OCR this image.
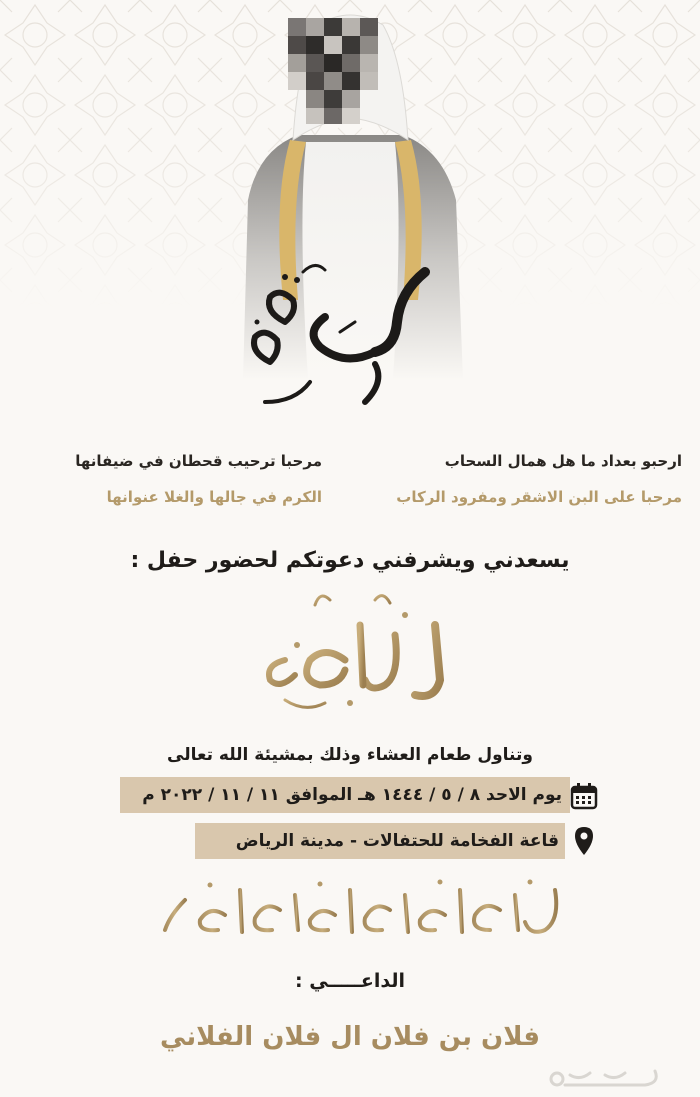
ارحبو بعداد ما هل همال السحاب
مرحبا ترحيب قحطان في ضيفانها
مرحبا على البن الاشقر ومفرود الركاب
الكرم في جالها والغلا عنوانها
يسعدني ويشرفني دعوتكم لحضور حفل :
وتناول طعام العشاء وذلك بمشيئة الله تعالى
يوم الاحد ٨ / ٥ / ١٤٤٤ هـ الموافق ١١ / ١١ / ٢٠٢٢ م
قاعة الفخامة للحتفالات - مدينة الرياض
الداعـــــي :
فلان بن فلان ال فلان الفلاني
